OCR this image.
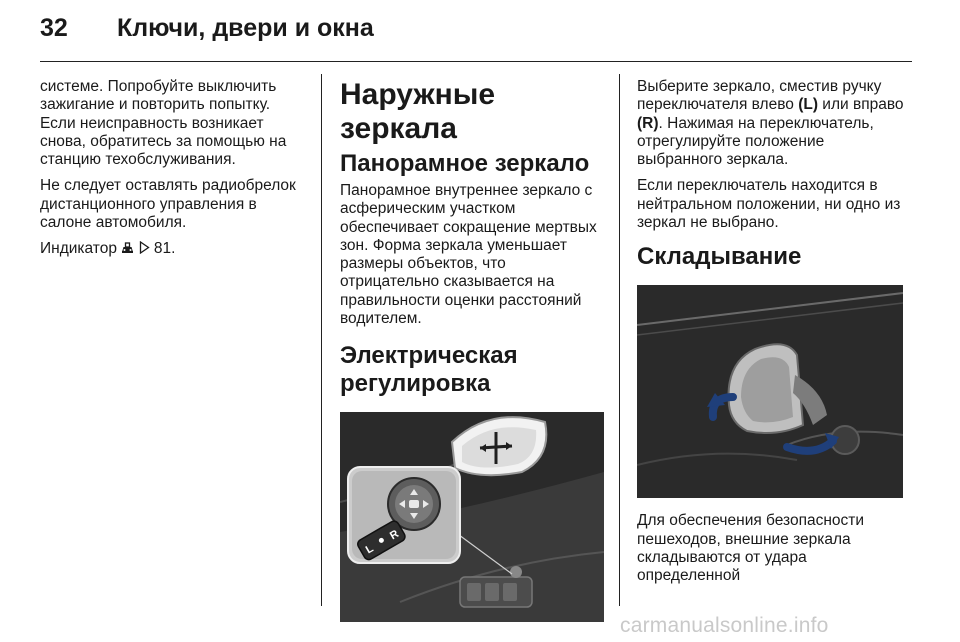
32 Ключи, двери и окна

системе. Попробуйте выключить зажигание и повторить попытку. Если неисправность возникает снова, обратитесь за помощью на станцию техобслуживания.

Не следует оставлять радиобрелок дистанционного управления в салоне автомобиля.

Индикатор 81.

Наружные зеркала
Панорамное зеркало

Панорамное внутреннее зеркало с асферическим участком обеспечивает сокращение мертвых зон. Форма зеркала уменьшает размеры объектов, что отрицательно сказывается на правильности оценки расстояний водителем.

Электрическая регулировка
L
R

Выберите зеркало, сместив ручку переключателя влево (L) или вправо (R). Нажимая на переключатель, отрегулируйте положение выбранного зеркала.

Если переключатель находится в нейтральном положении, ни одно из зеркал не выбрано.

Складывание

Для обеспечения безопасности пешеходов, внешние зеркала складываются от удара определенной

carmanualsonline.info
